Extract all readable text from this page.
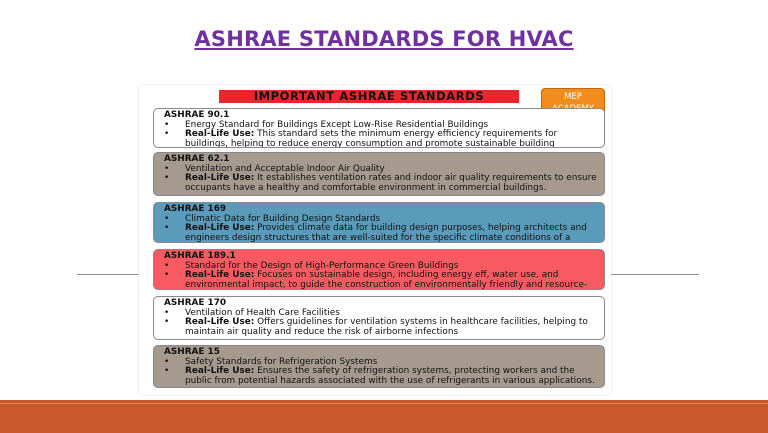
ASHRAE STANDARDS FOR HVAC
IMPORTANT ASHRAE STANDARDS	MEP
ASHRAE 90.1
•	Energy Standard for Buildings Except Low-Rise Residential Buildings
•	Real-Life Use: This standard sets the minimum energy efficiency requirements for buildings, helping to reduce energy consumption and promote sustainable building
ASHRAE 62.1
•	Ventilation and Acceptable Indoor Air Quality
•	Real-Life Use: It establishes ventilation rates and indoor air quality requirements to ensure occupants have a healthy and comfortable environment in commercial buildings.
ASHRAE 169
•	Climatic Data for Building Design Standards
•	Real-Life Use: Provides climate data for building design purposes, helping architects and engineers design structures that are well-suited for the specific climate conditions of a
ASHRAE 189.1
•	Standard for the Design of High-Performance Green Buildings
•	Real-Life Use: Focuses on sustainable design, including energy eff, water use, and environmental impact, to guide the construction of environmentally friendly and resource-
ASHRAE 170
•	Ventilation of Health Care Facilities
•	Real-Life Use: Offers guidelines for ventilation systems in healthcare facilities, helping to maintain air quality and reduce the risk of airborne infections
ASHRAE 15
•	Safety Standards for Refrigeration Systems
•	Real-Life Use: Ensures the safety of refrigeration systems, protecting workers and the public from potential hazards associated with the use of refrigerants in various applications.
